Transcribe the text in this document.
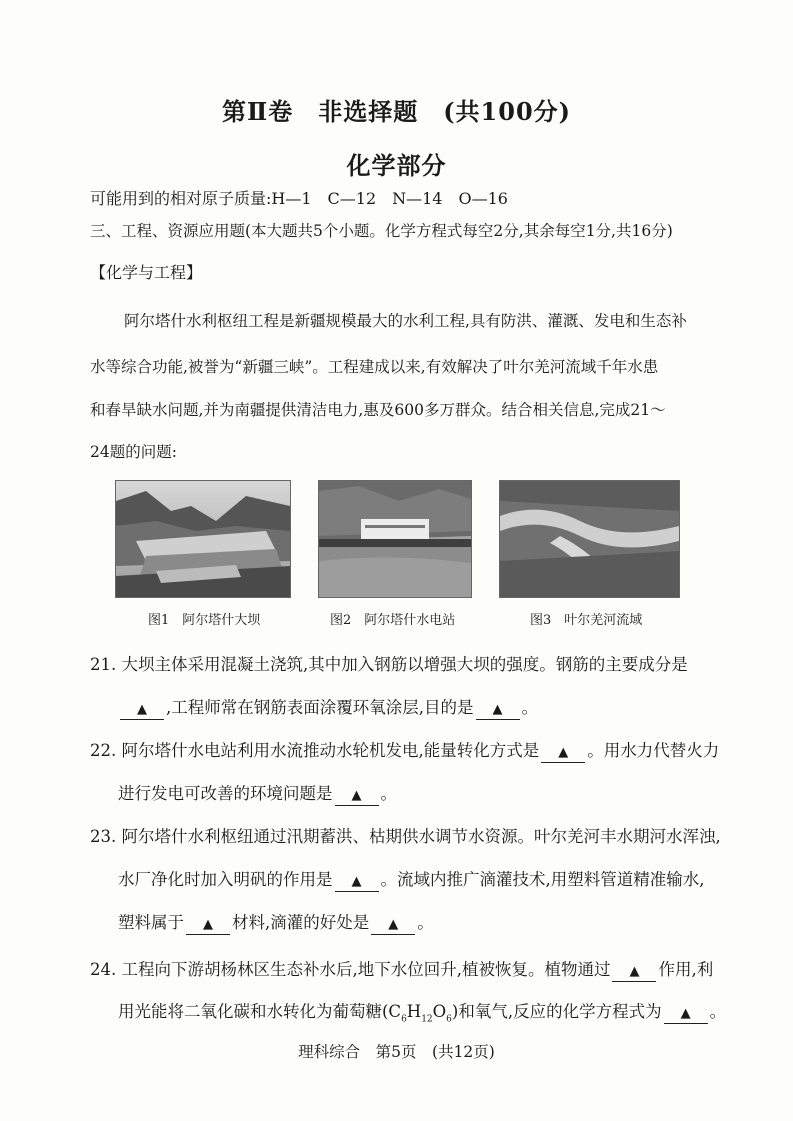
第Ⅱ卷　非选择题　(共100分)
化学部分
可能用到的相对原子质量:H—1　C—12　N—14　O—16
三、工程、资源应用题(本大题共5个小题。化学方程式每空2分,其余每空1分,共16分)
【化学与工程】
阿尔塔什水利枢纽工程是新疆规模最大的水利工程,具有防洪、灌溉、发电和生态补
水等综合功能,被誉为“新疆三峡”。工程建成以来,有效解决了叶尔羌河流域千年水患
和春旱缺水问题,并为南疆提供清洁电力,惠及600多万群众。结合相关信息,完成21～
24题的问题:
图1　阿尔塔什大坝	图2　阿尔塔什水电站	图3　叶尔羌河流域
21. 大坝主体采用混凝土浇筑,其中加入钢筋以增强大坝的强度。钢筋的主要成分是
▲ ,工程师常在钢筋表面涂覆环氧涂层,目的是 ▲ 。
22. 阿尔塔什水电站利用水流推动水轮机发电,能量转化方式是 ▲ 。用水力代替火力
进行发电可改善的环境问题是 ▲ 。
23. 阿尔塔什水利枢纽通过汛期蓄洪、枯期供水调节水资源。叶尔羌河丰水期河水浑浊,
水厂净化时加入明矾的作用是 ▲ 。流域内推广滴灌技术,用塑料管道精准输水,
塑料属于 ▲ 材料,滴灌的好处是 ▲ 。
24. 工程向下游胡杨林区生态补水后,地下水位回升,植被恢复。植物通过 ▲ 作用,利
用光能将二氧化碳和水转化为葡萄糖$(C_6H_{12}O_6)$和氧气,反应的化学方程式为 ▲ 。
理科综合　第5页　(共12页)
